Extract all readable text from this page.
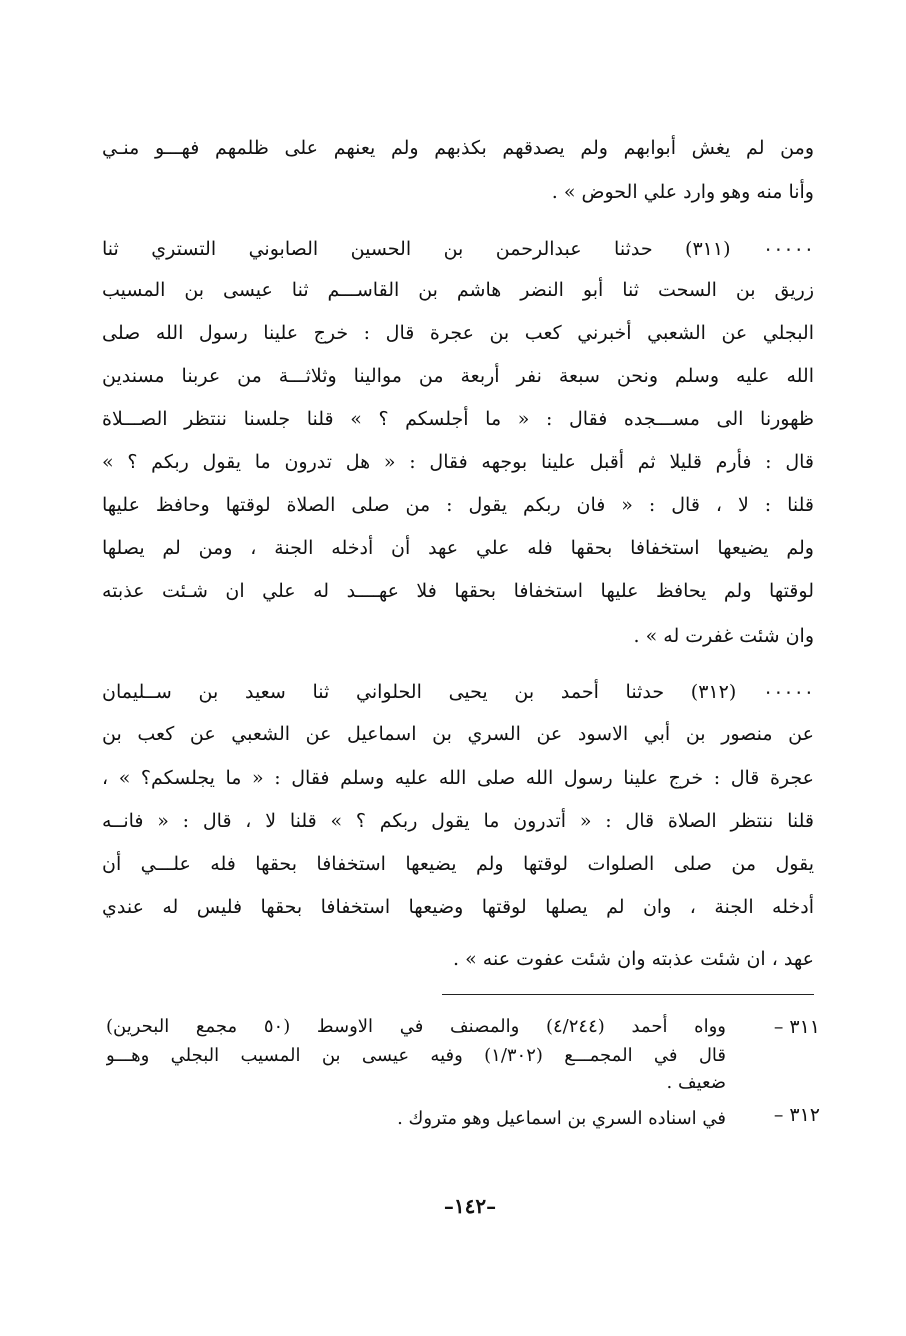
ومن لم يغش أبوابهم ولم يصدقهم بكذبهم ولم يعنهم على ظلمهم فهـــو منـي
وأنا منه وهو وارد علي الحوض » .
۰۰۰۰۰ (٣١١) حدثنا عبدالرحمن بن الحسين الصابوني التستري ثنا
زريق بن السحت ثنا أبو النضر هاشم بن القاســـم ثنا عيسى بن المسيب
البجلي عن الشعبي أخبرني كعب بن عجرة قال : خرج علينا رسول الله صلى
الله عليه وسلم ونحن سبعة نفر أربعة من موالينا وثلاثـــة من عربنا مسندين
ظهورنا الى مســـجده فقال : « ما أجلسكم ؟ » قلنا جلسنا ننتظر الصـــلاة
قال : فأرم قليلا ثم أقبل علينا بوجهه فقال : « هل تدرون ما يقول ربكم ؟ »
قلنا : لا ، قال : « فان ربكم يقول : من صلى الصلاة لوقتها وحافظ عليها
ولم يضيعها استخفافا بحقها فله علي عهد أن أدخله الجنة ، ومن لم يصلها
لوقتها ولم يحافظ عليها استخفافا بحقها فلا عهــــد له علي ان شـئت عذبته
وان شئت غفرت له » .
۰۰۰۰۰ (٣١٢) حدثنا أحمد بن يحيى الحلواني ثنا سعيد بن ســليمان
عن منصور بن أبي الاسود عن السري بن اسماعيل عن الشعبي عن كعب بن
عجرة قال : خرج علينا رسول الله صلى الله عليه وسلم فقال : « ما يجلسكم؟ » ،
قلنا ننتظر الصلاة قال : « أتدرون ما يقول ربكم ؟ » قلنا لا ، قال : « فانــه
يقول من صلى الصلوات لوقتها ولم يضيعها استخفافا بحقها فله علـــي أن
أدخله الجنة ، وان لم يصلها لوقتها وضيعها استخفافا بحقها فليس له عندي
عهد ، ان شئت عذبته وان شئت عفوت عنه » .
٣١١ –
وواه أحمد (٤/٢٤٤) والمصنف في الاوسط (٥٠ مجمع البحرين)
قال في المجمـــع (١/٣٠٢) وفيه عيسى بن المسيب البجلي وهـــو
ضعيف .
٣١٢ –
في اسناده السري بن اسماعيل وهو متروك .
–١٤٢–
